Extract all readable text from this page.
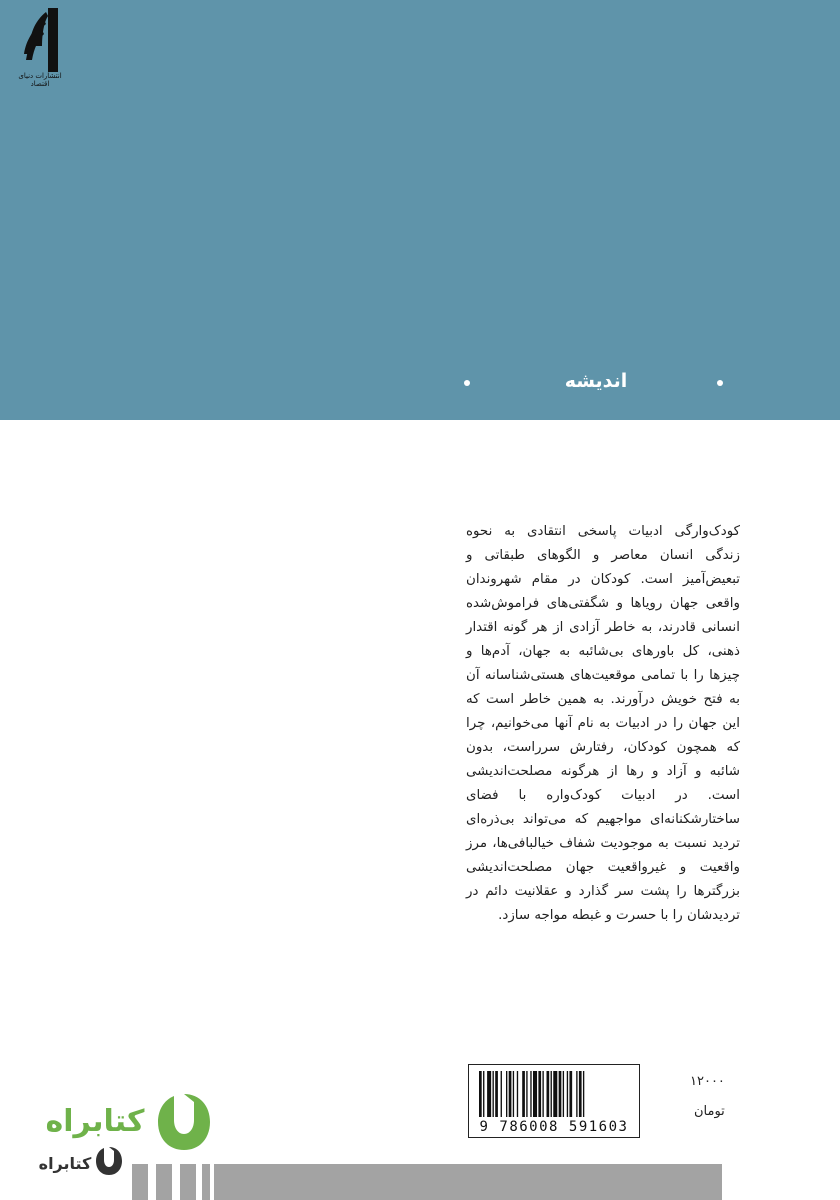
انتشارات دنیای اقتصاد
اندیشه
کودک‌وارگی ادبیات پاسخی انتقادی به نحوه زندگی انسان معاصر و الگوهای طبقاتی و تبعیض‌آمیز است. کودکان در مقام شهروندان واقعی جهان رویاها و شگفتی‌های فراموش‌شده انسانی قادرند، به خاطر آزادی از هر گونه اقتدار ذهنی، کل باورهای بی‌شائبه به جهان، آدم‌ها و چیزها را با تمامی موقعیت‌های هستی‌شناسانه آن به فتح خویش درآورند. به همین خاطر است که این جهان را در ادبیات به نام آنها می‌خوانیم، چرا که همچون کودکان، رفتارش سرراست، بدون شائبه و آزاد و رها از هرگونه مصلحت‌اندیشی است. در ادبیات کودک‌واره با فضای ساختارشکنانه‌ای مواجهیم که می‌تواند بی‌ذره‌ای تردید نسبت به موجودیت شفاف خیالبافی‌ها، مرز واقعیت و غیرواقعیت جهان مصلحت‌اندیشی بزرگترها را پشت سر گذارد و عقلانیت دائم در تردیدشان را با حسرت و غبطه مواجه سازد.
9 786008 591603
۱۲۰۰۰
تومان
کتابراه
کتابراه
